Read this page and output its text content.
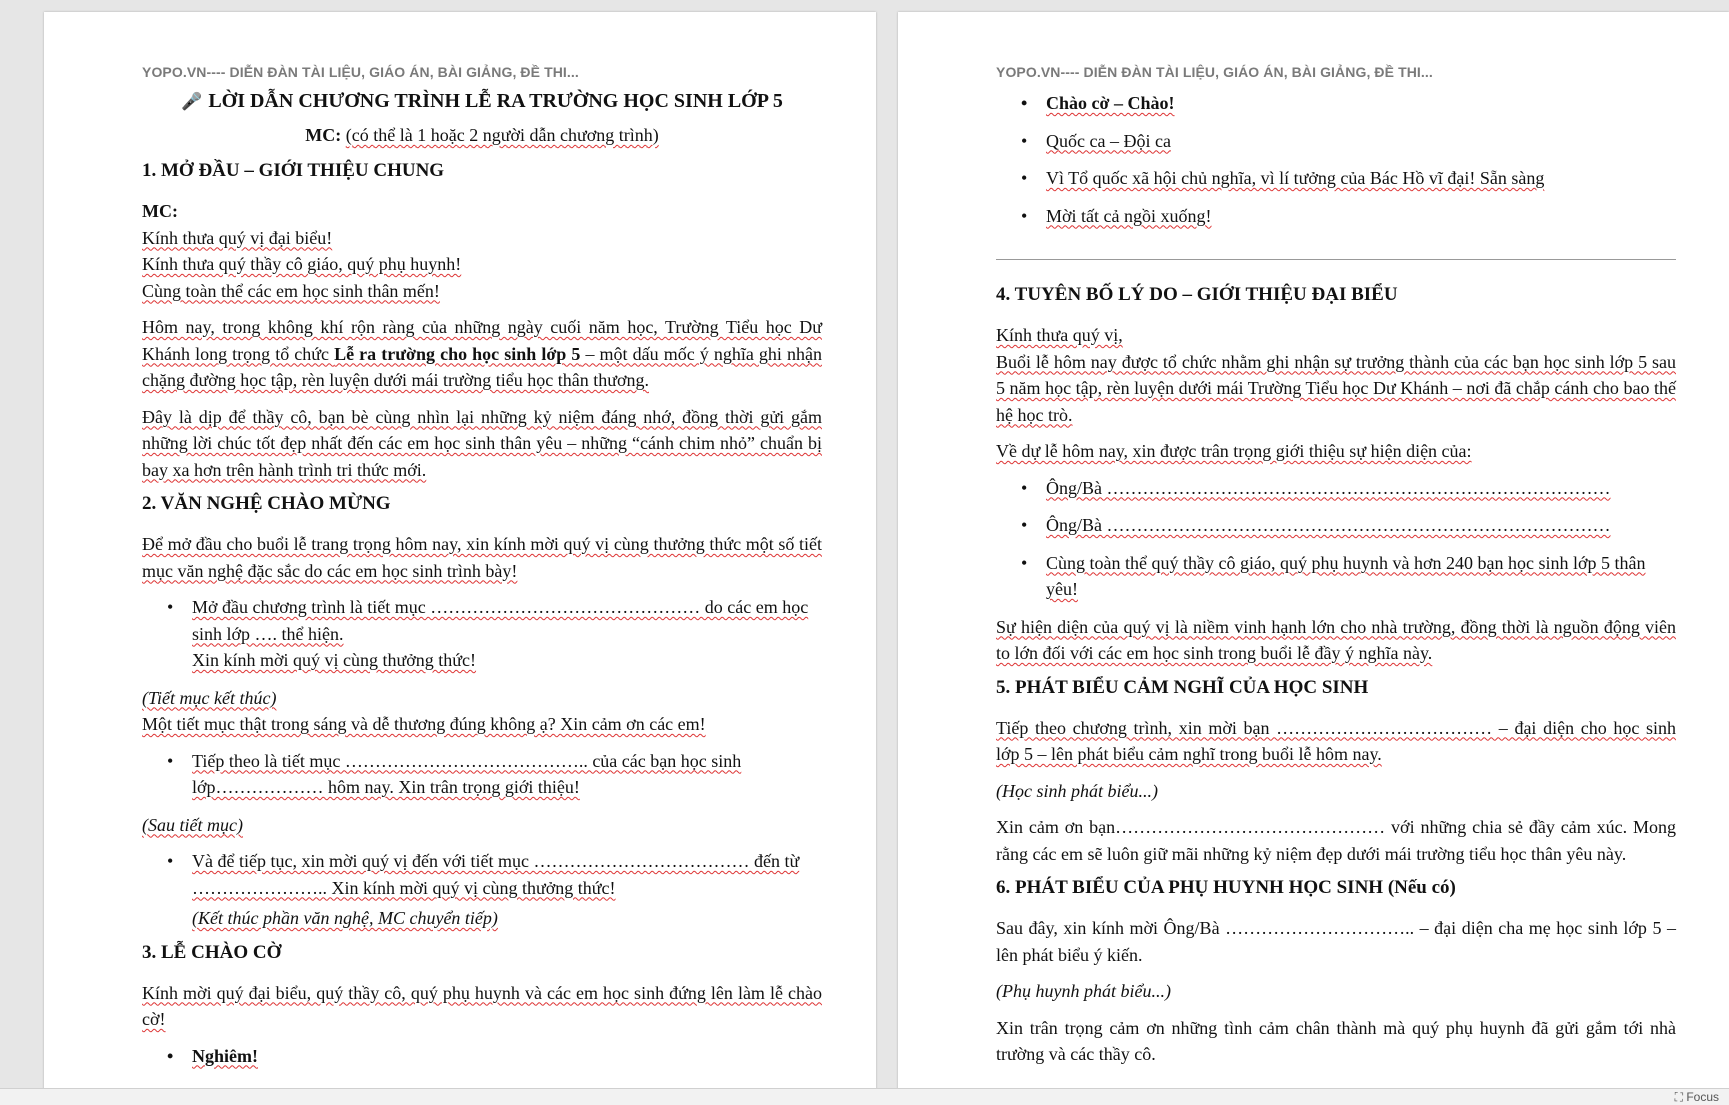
YOPO.VN---- DIỄN ĐÀN TÀI LIỆU, GIÁO ÁN, BÀI GIẢNG, ĐỀ THI...
🎤 LỜI DẪN CHƯƠNG TRÌNH LỄ RA TRƯỜNG HỌC SINH LỚP 5
MC: (có thể là 1 hoặc 2 người dẫn chương trình)
1. MỞ ĐẦU – GIỚI THIỆU CHUNG
MC:
Kính thưa quý vị đại biểu!
Kính thưa quý thầy cô giáo, quý phụ huynh!
Cùng toàn thể các em học sinh thân mến!

Hôm nay, trong không khí rộn ràng của những ngày cuối năm học, Trường Tiểu học Dư Khánh long trọng tổ chức Lễ ra trường cho học sinh lớp 5 – một dấu mốc ý nghĩa ghi nhận chặng đường học tập, rèn luyện dưới mái trường tiểu học thân thương.

Đây là dịp để thầy cô, bạn bè cùng nhìn lại những kỷ niệm đáng nhớ, đồng thời gửi gắm những lời chúc tốt đẹp nhất đến các em học sinh thân yêu – những “cánh chim nhỏ” chuẩn bị bay xa hơn trên hành trình tri thức mới.

2. VĂN NGHỆ CHÀO MỪNG

Để mở đầu cho buổi lễ trang trọng hôm nay, xin kính mời quý vị cùng thưởng thức một số tiết mục văn nghệ đặc sắc do các em học sinh trình bày!

• Mở đầu chương trình là tiết mục ……………………………………… do các em học sinh lớp …. thể hiện.
Xin kính mời quý vị cùng thưởng thức!
(Tiết mục kết thúc)
Một tiết mục thật trong sáng và dễ thương đúng không ạ? Xin cảm ơn các em!
• Tiếp theo là tiết mục ………………………………….. của các bạn học sinh lớp……………… hôm nay. Xin trân trọng giới thiệu!
(Sau tiết mục)
• Và để tiếp tục, xin mời quý vị đến với tiết mục ……………………………… đến từ ………………….. Xin kính mời quý vị cùng thưởng thức!
(Kết thúc phần văn nghệ, MC chuyển tiếp)
3. LỄ CHÀO CỜ

Kính mời quý đại biểu, quý thầy cô, quý phụ huynh và các em học sinh đứng lên làm lễ chào cờ!

• Nghiêm!
YOPO.VN---- DIỄN ĐÀN TÀI LIỆU, GIÁO ÁN, BÀI GIẢNG, ĐỀ THI...
• Chào cờ – Chào!
• Quốc ca – Đội ca
• Vì Tổ quốc xã hội chủ nghĩa, vì lí tưởng của Bác Hồ vĩ đại! Sẵn sàng
• Mời tất cả ngồi xuống!
4. TUYÊN BỐ LÝ DO – GIỚI THIỆU ĐẠI BIỂU
Kính thưa quý vị,

Buổi lễ hôm nay được tổ chức nhằm ghi nhận sự trưởng thành của các bạn học sinh lớp 5 sau 5 năm học tập, rèn luyện dưới mái Trường Tiểu học Dư Khánh – nơi đã chắp cánh cho bao thế hệ học trò.

Về dự lễ hôm nay, xin được trân trọng giới thiệu sự hiện diện của:

• Ông/Bà …………………………………………………………………………
• Ông/Bà …………………………………………………………………………
• Cùng toàn thể quý thầy cô giáo, quý phụ huynh và hơn 240 bạn học sinh lớp 5 thân yêu!

Sự hiện diện của quý vị là niềm vinh hạnh lớn cho nhà trường, đồng thời là nguồn động viên to lớn đối với các em học sinh trong buổi lễ đầy ý nghĩa này.

5. PHÁT BIỂU CẢM NGHĨ CỦA HỌC SINH

Tiếp theo chương trình, xin mời bạn ……………………………… – đại diện cho học sinh lớp 5 – lên phát biểu cảm nghĩ trong buổi lễ hôm nay.

(Học sinh phát biểu...)

Xin cảm ơn bạn……………………………………… với những chia sẻ đầy cảm xúc. Mong rằng các em sẽ luôn giữ mãi những kỷ niệm đẹp dưới mái trường tiểu học thân yêu này.

6. PHÁT BIỂU CỦA PHỤ HUYNH HỌC SINH (Nếu có)

Sau đây, xin kính mời Ông/Bà ………………………….. – đại diện cha mẹ học sinh lớp 5 – lên phát biểu ý kiến.

(Phụ huynh phát biểu...)

Xin trân trọng cảm ơn những tình cảm chân thành mà quý phụ huynh đã gửi gắm tới nhà trường và các thầy cô.

⛶ Focus
